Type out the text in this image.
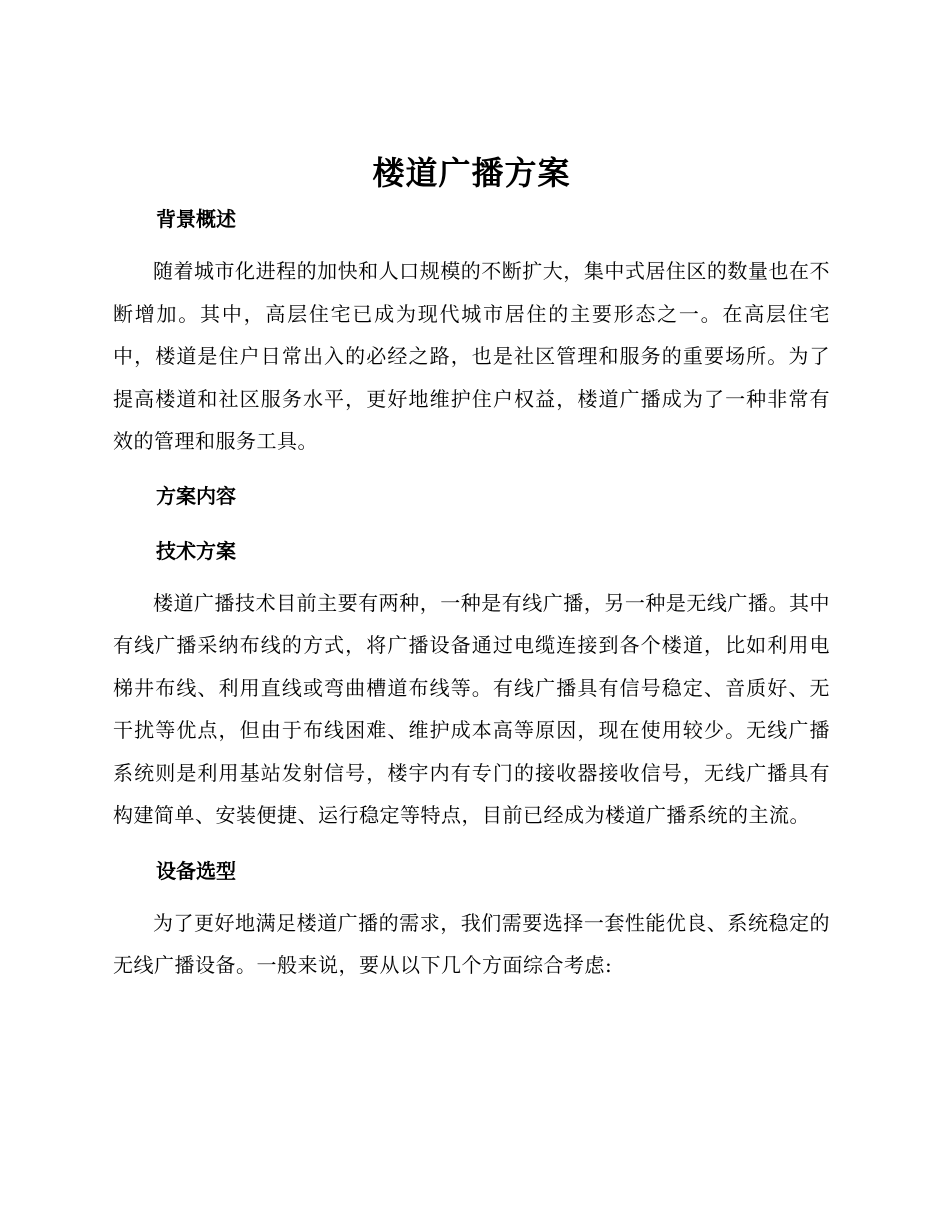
楼道广播方案
背景概述

随着城市化进程的加快和人口规模的不断扩大，集中式居住区的数量也在不断增加。其中，高层住宅已成为现代城市居住的主要形态之一。在高层住宅中，楼道是住户日常出入的必经之路，也是社区管理和服务的重要场所。为了提高楼道和社区服务水平，更好地维护住户权益，楼道广播成为了一种非常有效的管理和服务工具。

方案内容
技术方案

楼道广播技术目前主要有两种，一种是有线广播，另一种是无线广播。其中有线广播采纳布线的方式，将广播设备通过电缆连接到各个楼道，比如利用电梯井布线、利用直线或弯曲槽道布线等。有线广播具有信号稳定、音质好、无干扰等优点，但由于布线困难、维护成本高等原因，现在使用较少。无线广播系统则是利用基站发射信号，楼宇内有专门的接收器接收信号，无线广播具有构建简单、安装便捷、运行稳定等特点，目前已经成为楼道广播系统的主流。

设备选型

为了更好地满足楼道广播的需求，我们需要选择一套性能优良、系统稳定的无线广播设备。一般来说，要从以下几个方面综合考虑:
